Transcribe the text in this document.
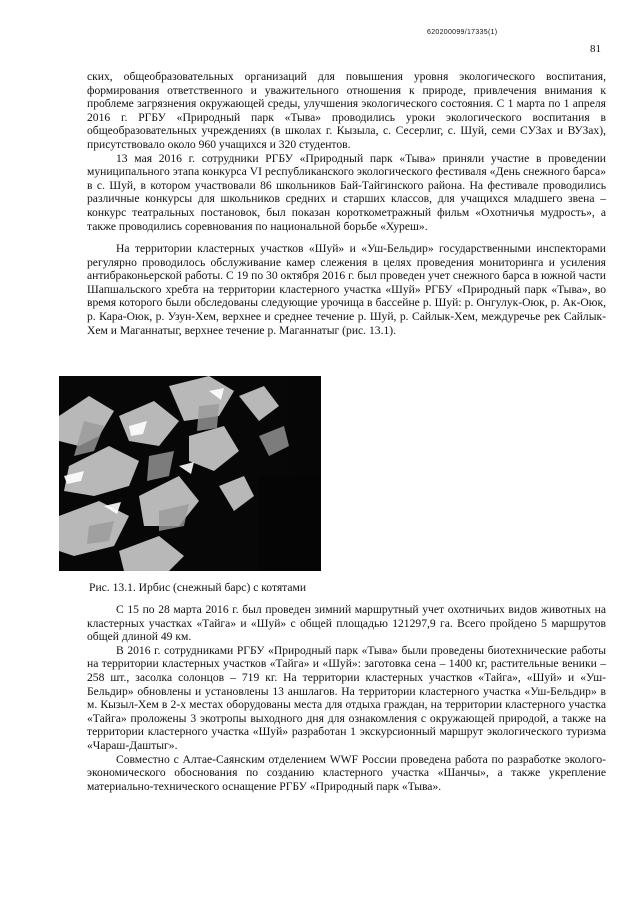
620200099/17335(1)
81

ских, общеобразовательных организаций для повышения уровня экологического воспитания, формирования ответственного и уважительного отношения к природе, привлечения внимания к проблеме загрязнения окружающей среды, улучшения экологического состояния. С 1 марта по 1 апреля 2016 г. РГБУ «Природный парк «Тыва» проводились уроки экологического воспитания в общеобразовательных учреждениях (в школах г. Кызыла, с. Сесерлиг, с. Шуй, семи СУЗах и ВУЗах), присутствовало около 960 учащихся и 320 студентов.

13 мая 2016 г. сотрудники РГБУ «Природный парк «Тыва» приняли участие в проведении муниципального этапа конкурса VI республиканского экологического фестиваля «День снежного барса» в с. Шуй, в котором участвовали 86 школьников Бай-Тайгинского района. На фестивале проводились различные конкурсы для школьников средних и старших классов, для учащихся младшего звена – конкурс театральных постановок, был показан короткометражный фильм «Охотничья мудрость», а также проводились соревнования по национальной борьбе «Хуреш».

На территории кластерных участков «Шуй» и «Уш-Бельдир» государственными инспекторами регулярно проводилось обслуживание камер слежения в целях проведения мониторинга и усиления антибраконьерской работы. С 19 по 30 октября 2016 г. был проведен учет снежного барса в южной части Шапшальского хребта на территории кластерного участка «Шуй» РГБУ «Природный парк «Тыва», во время которого были обследованы следующие урочища в бассейне р. Шуй: р. Онгулук-Оюк, р. Ак-Оюк, р. Кара-Оюк, р. Узун-Хем, верхнее и среднее течение р. Шуй, р. Сайлык-Хем, междуречье рек Сайлык-Хем и Маганнатыг, верхнее течение р. Маганнатыг (рис. 13.1).

Рис. 13.1. Ирбис (снежный барс) с котятами

С 15 по 28 марта 2016 г. был проведен зимний маршрутный учет охотничьих видов животных на кластерных участках «Тайга» и «Шуй» с общей площадью 121297,9 га. Всего пройдено 5 маршрутов общей длиной 49 км.

В 2016 г. сотрудниками РГБУ «Природный парк «Тыва» были проведены биотехнические работы на территории кластерных участков «Тайга» и «Шуй»: заготовка сена – 1400 кг, растительные веники – 258 шт., засолка солонцов – 719 кг. На территории кластерных участков «Тайга», «Шуй» и «Уш-Бельдир» обновлены и установлены 13 аншлагов. На территории кластерного участка «Уш-Бельдир» в м. Кызыл-Хем в 2-х местах оборудованы места для отдыха граждан, на территории кластерного участка «Тайга» проложены 3 экотропы выходного дня для ознакомления с окружающей природой, а также на территории кластерного участка «Шуй» разработан 1 экскурсионный маршрут экологического туризма «Чараш-Даштыг».

Совместно с Алтае-Саянским отделением WWF России проведена работа по разработке эколого-экономического обоснования по созданию кластерного участка «Шанчы», а также укрепление материально-технического оснащение РГБУ «Природный парк «Тыва».
